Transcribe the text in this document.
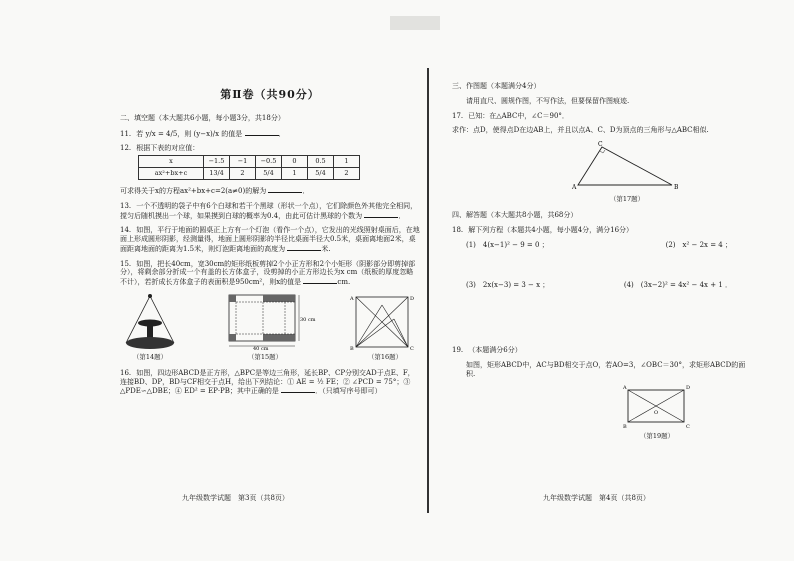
第Ⅱ卷（共90分）
二、填空题（本大题共6小题，每小题3分，共18分）
11. 若 y/x = 4/5，则 (y−x)/x 的值是	．
12. 根据下表的对应值：
x	−1.5	−1	−0.5	0	0.5	1
ax²+bx+c	13/4	2	5/4	1	5/4	2
可求得关于x的方程ax²+bx+c=2(a≠0)的解为	．
13. 一个不透明的袋子中有6个白球和若干个黑球（形状一个点），它们除颜色外其他完全相同，搅匀后随机摸出一个球，如果摸到白球的概率为0.4，由此可估计黑球的个数为	．
14. 如图，平行于地面的圆桌正上方有一个灯泡（看作一个点），它发出的光线照射桌面后，在地面上形成圆形阴影，经测量得，地面上圆形阴影的半径比桌面半径大0.5米，桌面离地面2米，桌面距离地面的距离为1.5米，则灯泡距离地面的高度为	米.
15. 如图，把长40cm，宽30cm的矩形纸板剪掉2个小正方形和2个小矩形（阴影部分即剪掉部分），将剩余部分折成一个有盖的长方体盒子，设剪掉的小正方形边长为x cm（纸板的厚度忽略不计），若折成长方体盒子的表面积是950cm²，则x的值是	cm.
（第14题）
30 cm
40 cm
（第15题）
A	D
B	C
（第16题）
16. 如图，四边形ABCD是正方形，△BPC是等边三角形，延长BP、CP分别交AD于点E、F，连接BD、DP，BD与CF相交于点H，给出下列结论：① AE = ½ FE；② ∠PCD = 75°；③ △PDE∽△DBE；④ ED² = EP·PB；其中正确的是	．（只填写序号即可）
九年级数学试题　第3页（共8页）
三、作图题（本题满分4分）
请用直尺、圆规作图，不写作法，但要保留作图痕迹.
17. 已知：在△ABC中，∠C＝90°．
求作：点D，使得点D在边AB上，并且以点A、C、D为顶点的三角形与△ABC相似.
A
C
B
（第17题）
四、解答题（本大题共8小题，共68分）
18. 解下列方程（本题共4小题，每小题4分，满分16分）
(1)　4(x−1)² − 9 = 0 ；	(2)　x² − 2x = 4 ；
(3)　2x(x−3) = 3 − x ；	(4)　(3x−2)² = 4x² − 4x + 1 ．
19. （本题满分6分）
如图，矩形ABCD中，AC与BD相交于点O，若AO=3，∠OBC＝30°，求矩形ABCD的面积.
A	D
B	C
O
（第19题）
九年级数学试题　第4页（共8页）
